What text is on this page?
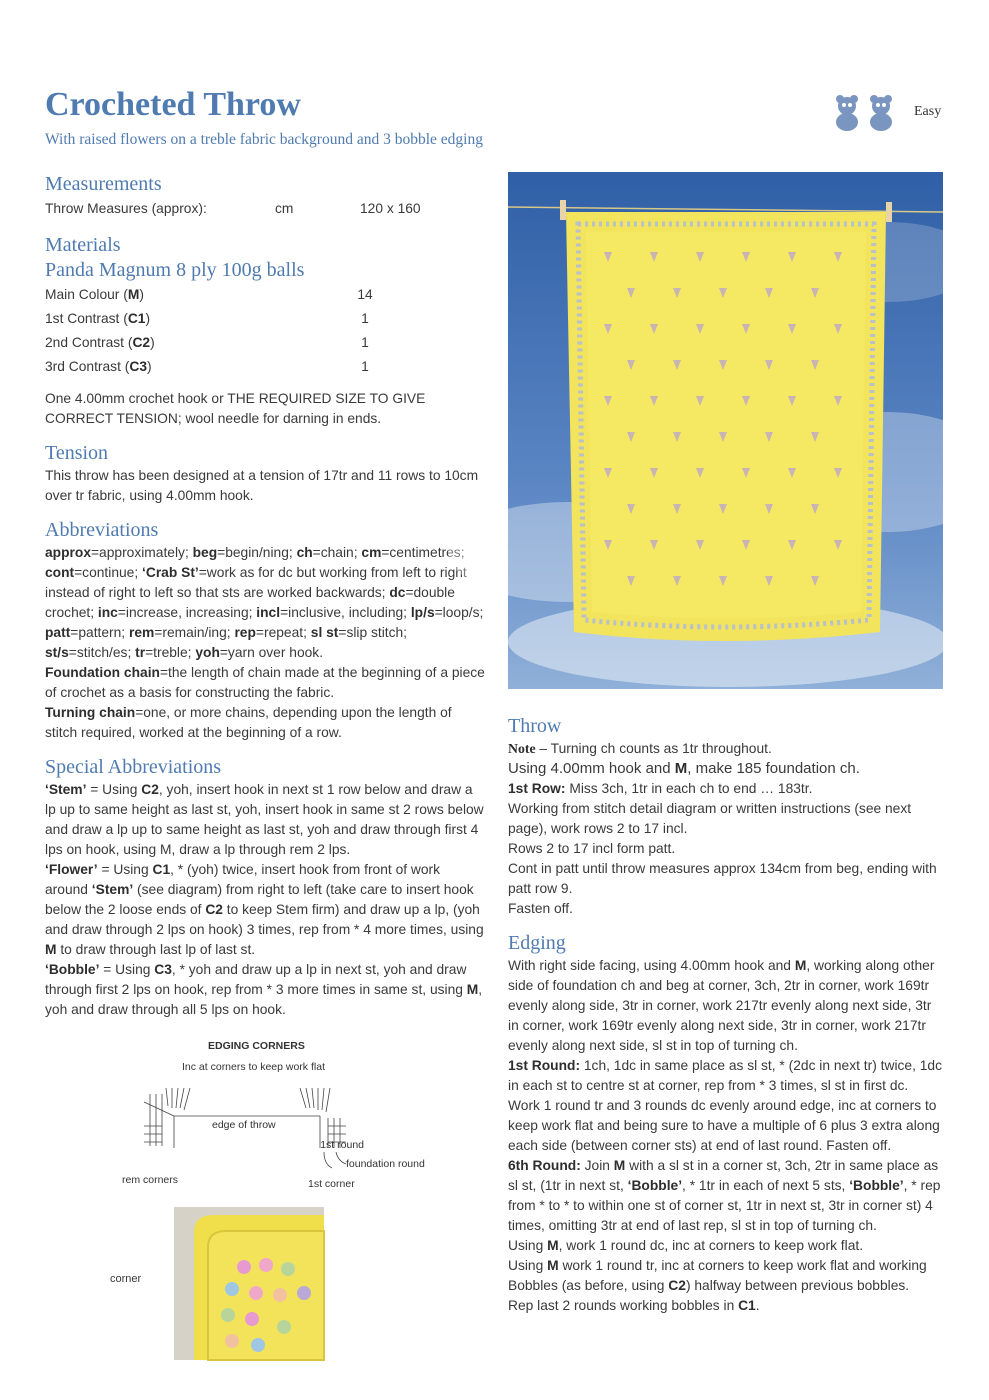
Crocheted Throw
With raised flowers on a treble fabric background and 3 bobble edging
Easy
Measurements
Throw Measures (approx):	cm	120 x 160
Materials
Panda Magnum 8 ply 100g balls
Main Colour (M)	14
1st Contrast (C1)	1
2nd Contrast (C2)	1
3rd Contrast (C3)	1

One 4.00mm crochet hook or THE REQUIRED SIZE TO GIVE CORRECT TENSION; wool needle for darning in ends.

Tension

This throw has been designed at a tension of 17tr and 11 rows to 10cm over tr fabric, using 4.00mm hook.

Abbreviations

approx=approximately; beg=begin/ning; ch=chain; cm=centimetres; cont=continue; ‘Crab St’=work as for dc but working from left to right instead of right to left so that sts are worked backwards; dc=double crochet; inc=increase, increasing; incl=inclusive, including; lp/s=loop/s; patt=pattern; rem=remain/ing; rep=repeat; sl st=slip stitch; st/s=stitch/es; tr=treble; yoh=yarn over hook.

Foundation chain=the length of chain made at the beginning of a piece of crochet as a basis for constructing the fabric.

Turning chain=one, or more chains, depending upon the length of stitch required, worked at the beginning of a row.

Special Abbreviations

‘Stem’ = Using C2, yoh, insert hook in next st 1 row below and draw a lp up to same height as last st, yoh, insert hook in same st 2 rows below and draw a lp up to same height as last st, yoh and draw through first 4 lps on hook, using M, draw a lp through rem 2 lps.

‘Flower’ = Using C1, * (yoh) twice, insert hook from front of work around ‘Stem’ (see diagram) from right to left (take care to insert hook below the 2 loose ends of C2 to keep Stem firm) and draw up a lp, (yoh and draw through 2 lps on hook) 3 times, rep from * 4 more times, using M to draw through last lp of last st.

‘Bobble’ = Using C3, * yoh and draw up a lp in next st, yoh and draw through first 2 lps on hook, rep from * 3 more times in same st, using M, yoh and draw through all 5 lps on hook.

Throw

Note – Turning ch counts as 1tr throughout.

Using 4.00mm hook and M, make 185 foundation ch.

1st Row: Miss 3ch, 1tr in each ch to end … 183tr.

Working from stitch detail diagram or written instructions (see next page), work rows 2 to 17 incl.

Rows 2 to 17 incl form patt.

Cont in patt until throw measures approx 134cm from beg, ending with patt row 9.

Fasten off.

Edging

With right side facing, using 4.00mm hook and M, working along other side of foundation ch and beg at corner, 3ch, 2tr in corner, work 169tr evenly along side, 3tr in corner, work 217tr evenly along next side, 3tr in corner, work 169tr evenly along next side, 3tr in corner, work 217tr evenly along next side, sl st in top of turning ch.

1st Round: 1ch, 1dc in same place as sl st, * (2dc in next tr) twice, 1dc in each st to centre st at corner, rep from * 3 times, sl st in first dc.

Work 1 round tr and 3 rounds dc evenly around edge, inc at corners to keep work flat and being sure to have a multiple of 6 plus 3 extra along each side (between corner sts) at end of last round. Fasten off.

6th Round: Join M with a sl st in a corner st, 3ch, 2tr in same place as sl st, (1tr in next st, ‘Bobble’, * 1tr in each of next 5 sts, ‘Bobble’, * rep from * to * to within one st of corner st, 1tr in next st, 3tr in corner st) 4 times, omitting 3tr at end of last rep, sl st in top of turning ch.

Using M, work 1 round dc, inc at corners to keep work flat.

Using M work 1 round tr, inc at corners to keep work flat and working Bobbles (as before, using C2) halfway between previous bobbles.

Rep last 2 rounds working bobbles in C1.

EDGING CORNERS
Inc at corners to keep work flat
edge of throw
1st round
foundation round
rem corners	1st corner
corner
